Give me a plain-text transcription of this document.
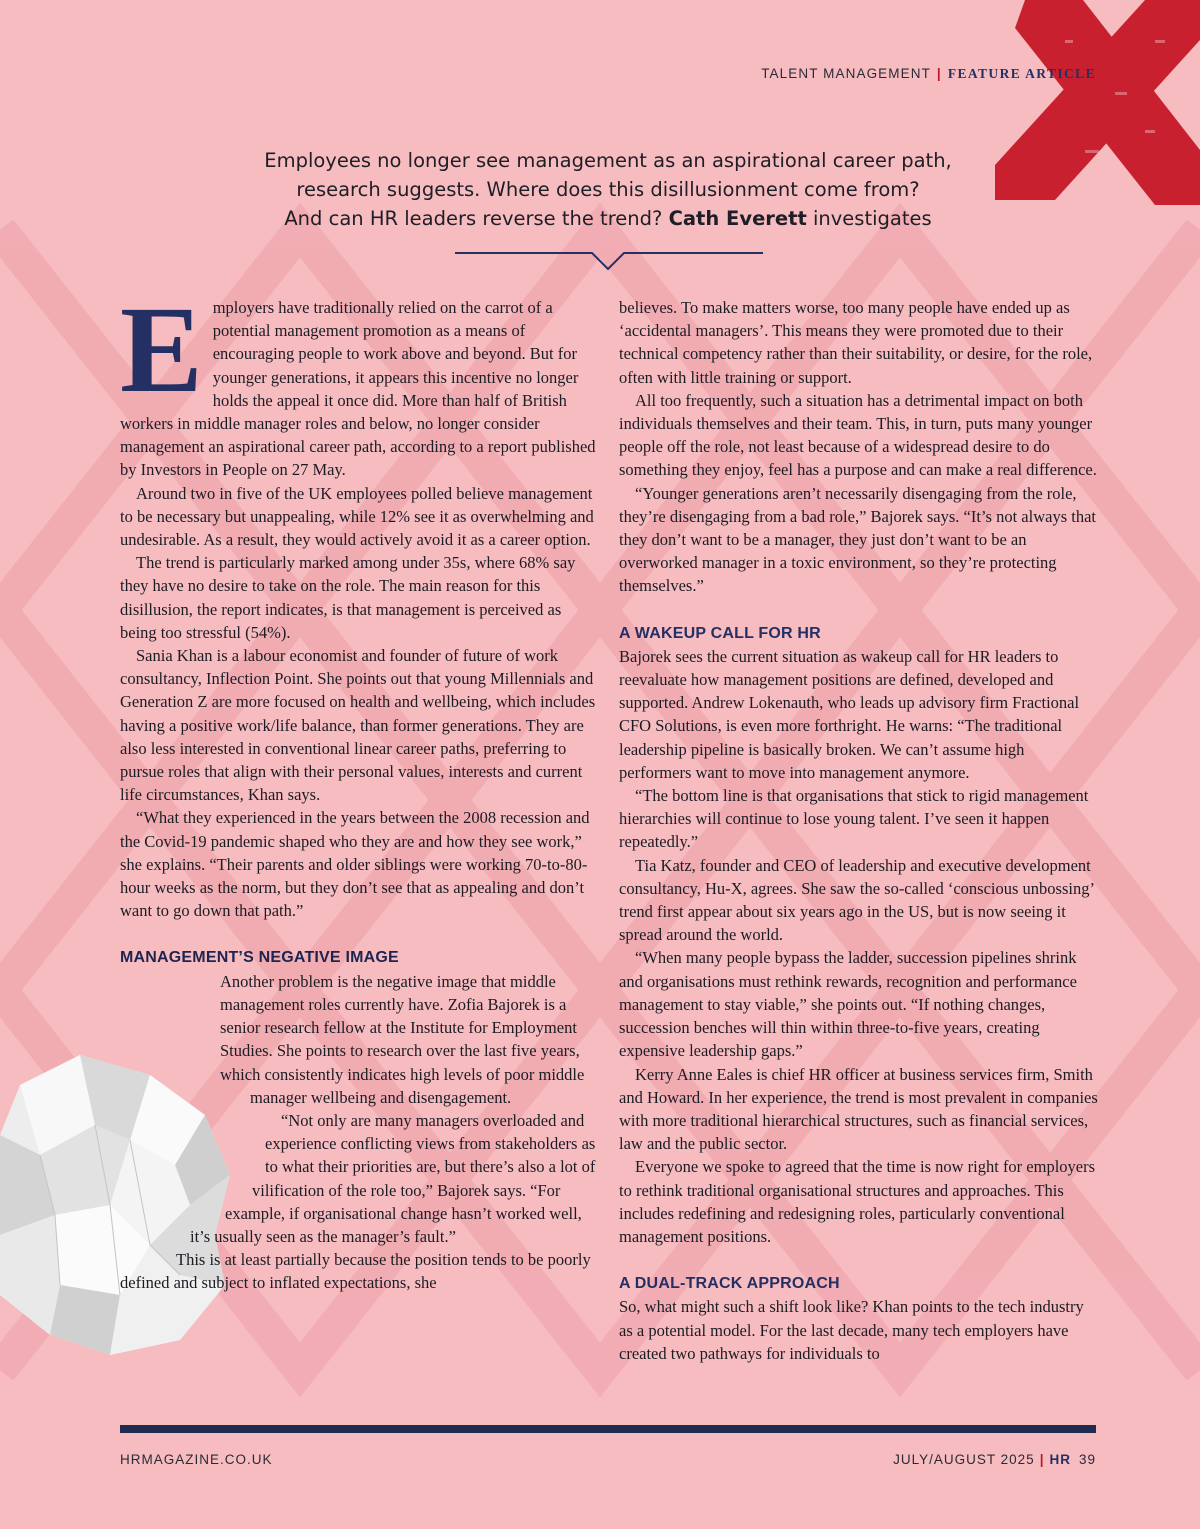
TALENT MANAGEMENT | FEATURE ARTICLE
Employees no longer see management as an aspirational career path,
research suggests. Where does this disillusionment come from?
And can HR leaders reverse the trend? Cath Everett investigates
E mployers have traditionally relied on the carrot of a potential management promotion as a means of encouraging people to work above and beyond. But for younger generations, it appears this incentive no longer holds the appeal it once did. More than half of British workers in middle manager roles and below, no longer consider management an aspirational career path, according to a report published by Investors in People on 27 May.

Around two in five of the UK employees polled believe management to be necessary but unappealing, while 12% see it as overwhelming and undesirable. As a result, they would actively avoid it as a career option.

The trend is particularly marked among under 35s, where 68% say they have no desire to take on the role. The main reason for this disillusion, the report indicates, is that management is perceived as being too stressful (54%).

Sania Khan is a labour economist and founder of future of work consultancy, Inflection Point. She points out that young Millennials and Generation Z are more focused on health and wellbeing, which includes having a positive work/life balance, than former generations. They are also less interested in conventional linear career paths, preferring to pursue roles that align with their personal values, interests and current life circumstances, Khan says.

“What they experienced in the years between the 2008 recession and the Covid-19 pandemic shaped who they are and how they see work,” she explains. “Their parents and older siblings were working 70-to-80-hour weeks as the norm, but they don’t see that as appealing and don’t want to go down that path.”

MANAGEMENT’S NEGATIVE IMAGE

Another problem is the negative image that middle management roles currently have. Zofia Bajorek is a senior research fellow at the Institute for Employment Studies. She points to research over the last five years, which consistently indicates high levels of poor middle manager wellbeing and disengagement.

“Not only are many managers overloaded and experience conflicting views from stakeholders as to what their priorities are, but there’s also a lot of vilification of the role too,” Bajorek says. “For example, if organisational change hasn’t worked well, it’s usually seen as the manager’s fault.”

This is at least partially because the position tends to be poorly defined and subject to inflated expectations, she

believes. To make matters worse, too many people have ended up as ‘accidental managers’. This means they were promoted due to their technical competency rather than their suitability, or desire, for the role, often with little training or support.

All too frequently, such a situation has a detrimental impact on both individuals themselves and their team. This, in turn, puts many younger people off the role, not least because of a widespread desire to do something they enjoy, feel has a purpose and can make a real difference.

“Younger generations aren’t necessarily disengaging from the role, they’re disengaging from a bad role,” Bajorek says. “It’s not always that they don’t want to be a manager, they just don’t want to be an overworked manager in a toxic environment, so they’re protecting themselves.”

A WAKEUP CALL FOR HR

Bajorek sees the current situation as wakeup call for HR leaders to reevaluate how management positions are defined, developed and supported. Andrew Lokenauth, who leads up advisory firm Fractional CFO Solutions, is even more forthright. He warns: “The traditional leadership pipeline is basically broken. We can’t assume high performers want to move into management anymore.

“The bottom line is that organisations that stick to rigid management hierarchies will continue to lose young talent. I’ve seen it happen repeatedly.”

Tia Katz, founder and CEO of leadership and executive development consultancy, Hu-X, agrees. She saw the so-called ‘conscious unbossing’ trend first appear about six years ago in the US, but is now seeing it spread around the world.

“When many people bypass the ladder, succession pipelines shrink and organisations must rethink rewards, recognition and performance management to stay viable,” she points out. “If nothing changes, succession benches will thin within three-to-five years, creating expensive leadership gaps.”

Kerry Anne Eales is chief HR officer at business services firm, Smith and Howard. In her experience, the trend is most prevalent in companies with more traditional hierarchical structures, such as financial services, law and the public sector.

Everyone we spoke to agreed that the time is now right for employers to rethink traditional organisational structures and approaches. This includes redefining and redesigning roles, particularly conventional management positions.

A DUAL-TRACK APPROACH

So, what might such a shift look like? Khan points to the tech industry as a potential model. For the last decade, many tech employers have created two pathways for individuals to

HRMAGAZINE.CO.UK	JULY/AUGUST 2025 | HR 39
